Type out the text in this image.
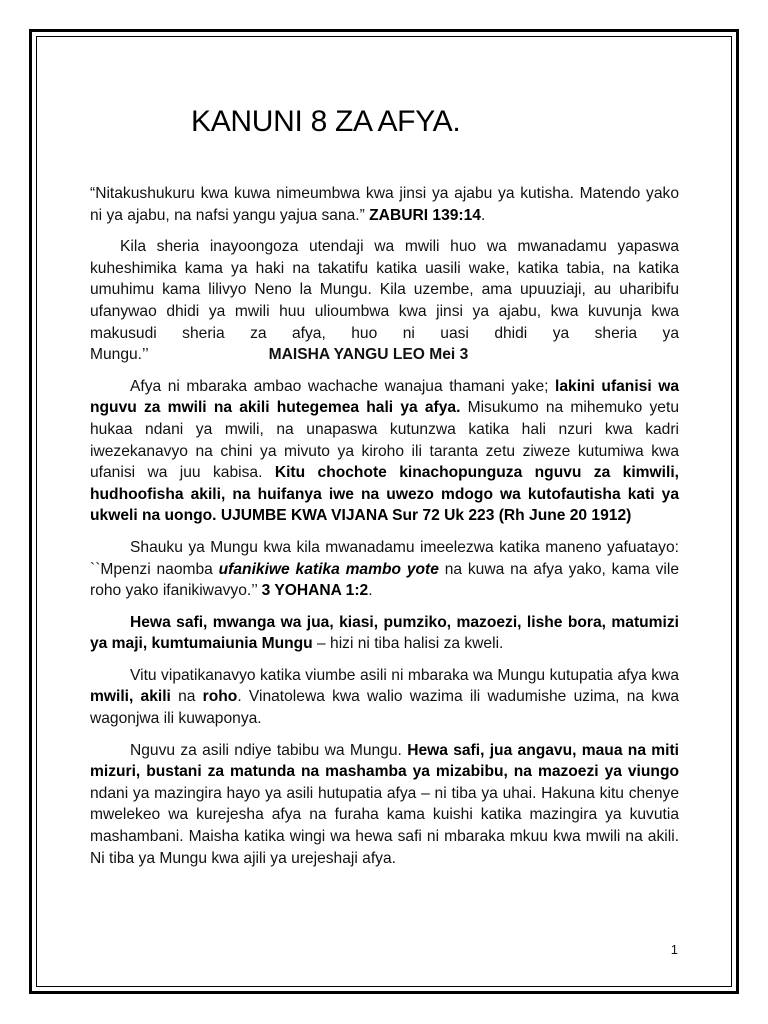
KANUNI 8 ZA AFYA.

“Nitakushukuru kwa kuwa nimeumbwa kwa jinsi ya ajabu ya kutisha. Matendo yako ni ya ajabu, na nafsi yangu yajua sana.” ZABURI 139:14.

Kila sheria inayoongoza utendaji wa mwili huo wa mwanadamu yapaswa kuheshimika kama ya haki na takatifu katika uasili wake, katika tabia, na katika umuhimu kama lilivyo Neno la Mungu. Kila uzembe, ama upuuziaji, au uharibifu ufanywao dhidi ya mwili huu ulioumbwa kwa jinsi ya ajabu, kwa kuvunja kwa makusudi sheria za afya, huo ni uasi dhidi ya sheria ya Mungu.’’	MAISHA YANGU LEO Mei 3

Afya ni mbaraka ambao wachache wanajua thamani yake; lakini ufanisi wa nguvu za mwili na akili hutegemea hali ya afya. Misukumo na mihemuko yetu hukaa ndani ya mwili, na unapaswa kutunzwa katika hali nzuri kwa kadri iwezekanavyo na chini ya mivuto ya kiroho ili taranta zetu ziweze kutumiwa kwa ufanisi wa juu kabisa. Kitu chochote kinachopunguza nguvu za kimwili, hudhoofisha akili, na huifanya iwe na uwezo mdogo wa kutofautisha kati ya ukweli na uongo. UJUMBE KWA VIJANA Sur 72 Uk 223 (Rh June 20 1912)

Shauku ya Mungu kwa kila mwanadamu imeelezwa katika maneno yafuatayo: ``Mpenzi naomba ufanikiwe katika mambo yote na kuwa na afya yako, kama vile roho yako ifanikiwavyo.’’ 3 YOHANA 1:2.

Hewa safi, mwanga wa jua, kiasi, pumziko, mazoezi, lishe bora, matumizi ya maji, kumtumaiunia Mungu – hizi ni tiba halisi za kweli.

Vitu vipatikanavyo katika viumbe asili ni mbaraka wa Mungu kutupatia afya kwa mwili, akili na roho. Vinatolewa kwa walio wazima ili wadumishe uzima, na kwa wagonjwa ili kuwaponya.

Nguvu za asili ndiye tabibu wa Mungu. Hewa safi, jua angavu, maua na miti mizuri, bustani za matunda na mashamba ya mizabibu, na mazoezi ya viungo ndani ya mazingira hayo ya asili hutupatia afya – ni tiba ya uhai. Hakuna kitu chenye mwelekeo wa kurejesha afya na furaha kama kuishi katika mazingira ya kuvutia mashambani. Maisha katika wingi wa hewa safi ni mbaraka mkuu kwa mwili na akili. Ni tiba ya Mungu kwa ajili ya urejeshaji afya.

1
